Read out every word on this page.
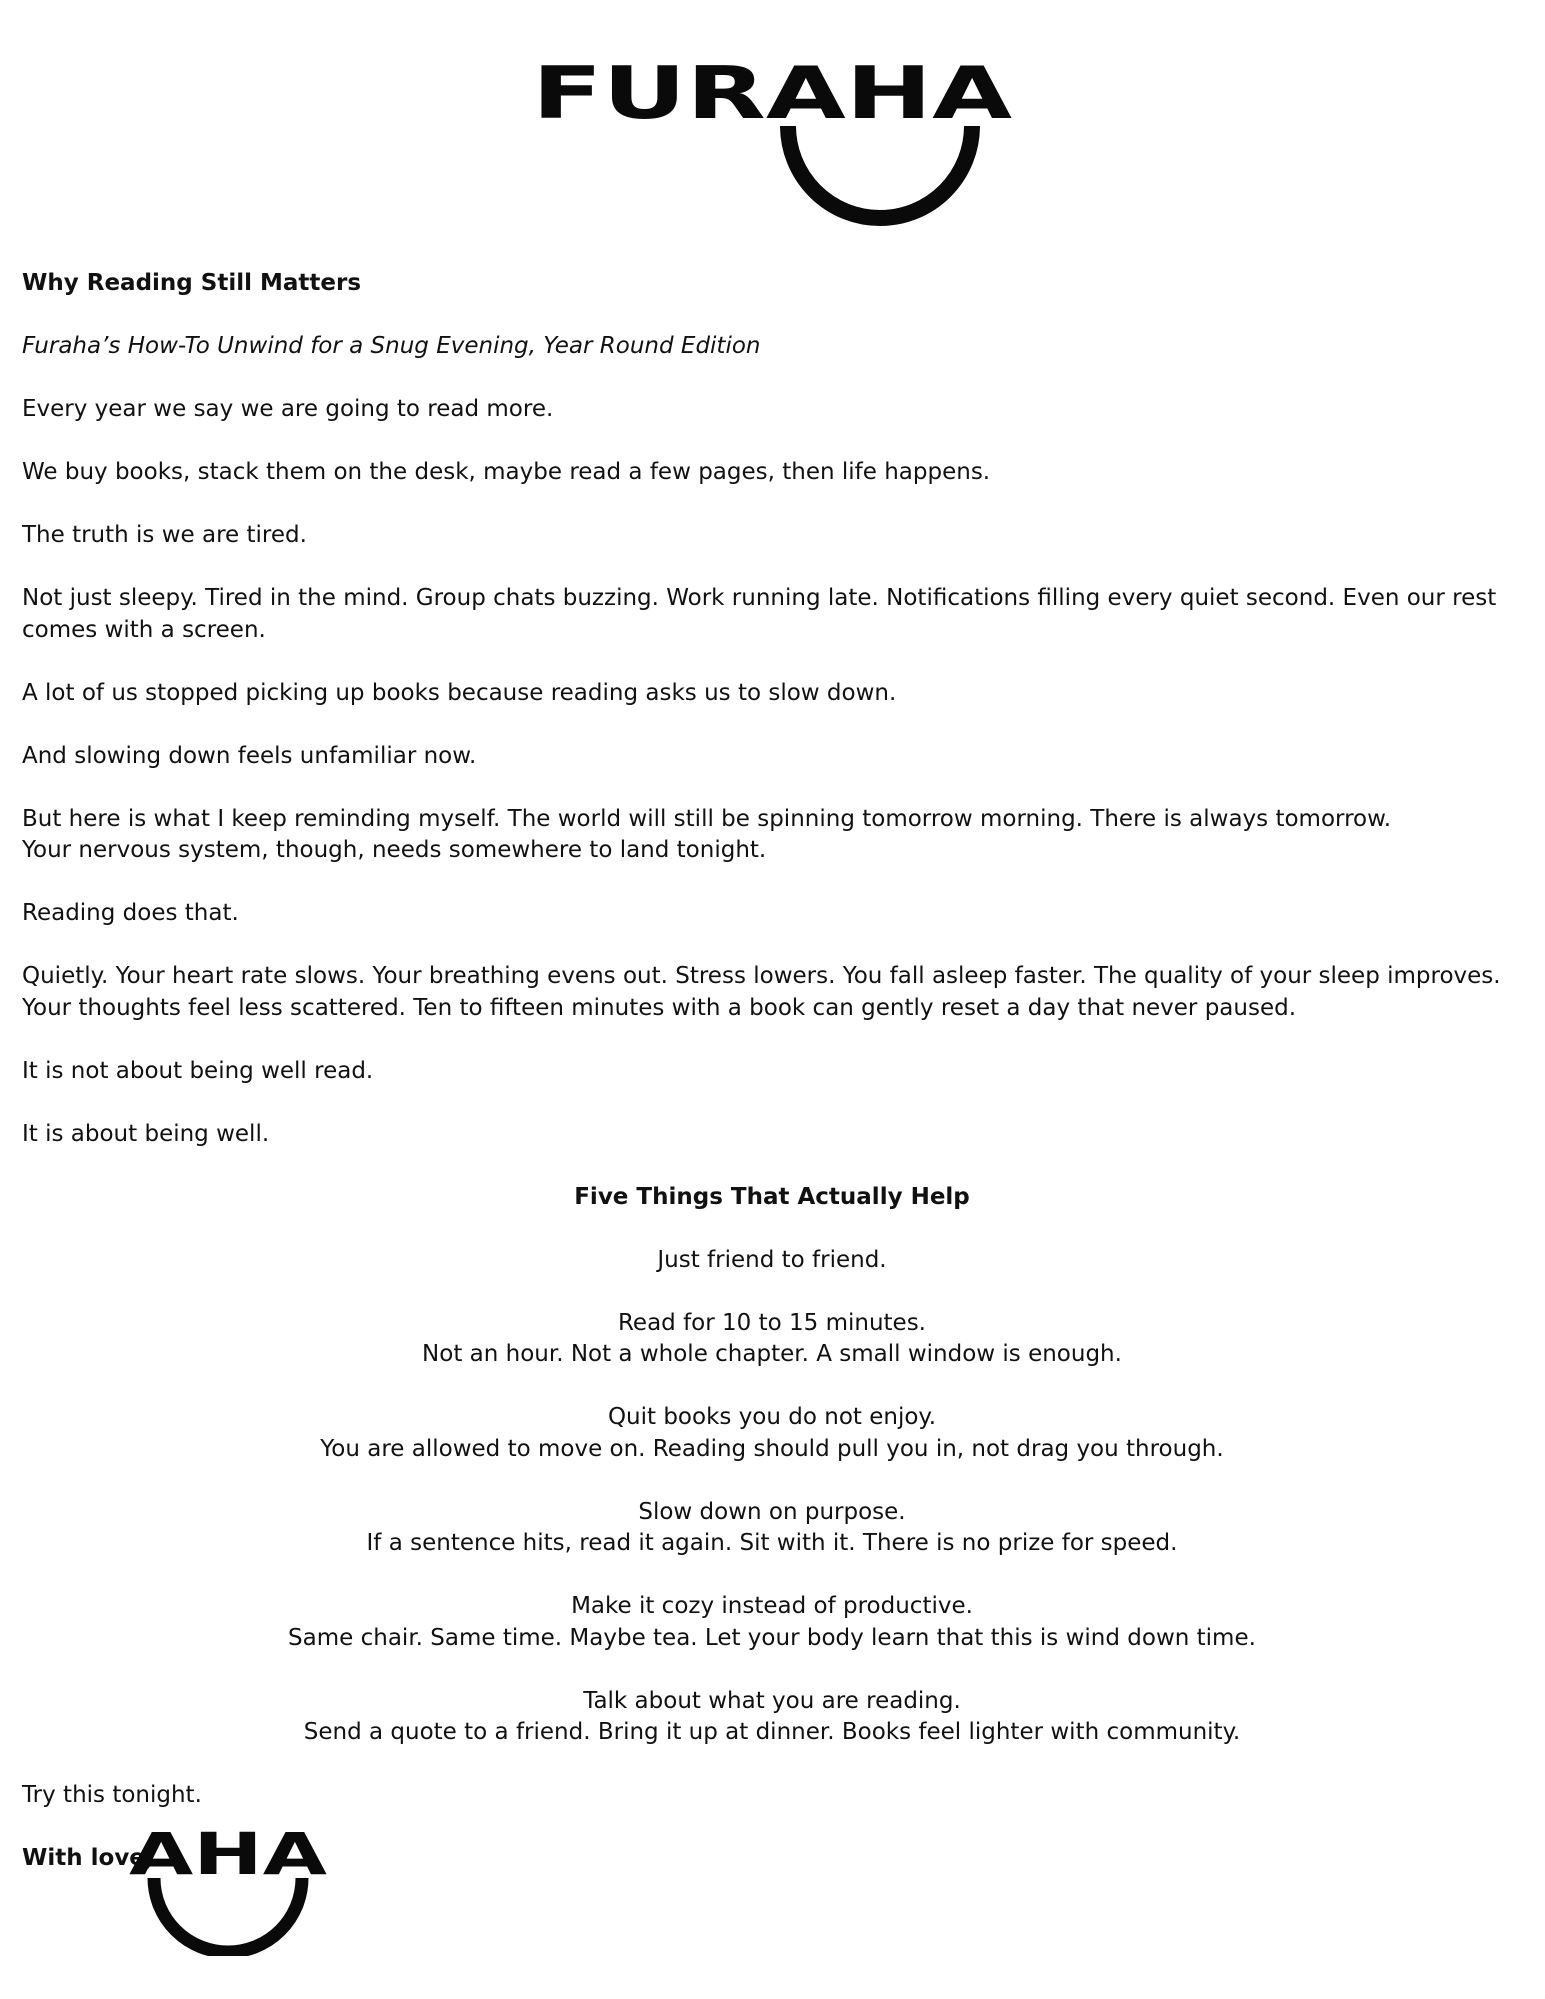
FURAHA

Why Reading Still Matters

Furaha’s How-To Unwind for a Snug Evening, Year Round Edition

Every year we say we are going to read more.

We buy books, stack them on the desk, maybe read a few pages, then life happens.

The truth is we are tired.

Not just sleepy. Tired in the mind. Group chats buzzing. Work running late. Notifications filling every quiet second. Even our rest comes with a screen.

A lot of us stopped picking up books because reading asks us to slow down.

And slowing down feels unfamiliar now.

But here is what I keep reminding myself. The world will still be spinning tomorrow morning. There is always tomorrow.
Your nervous system, though, needs somewhere to land tonight.

Reading does that.

Quietly. Your heart rate slows. Your breathing evens out. Stress lowers. You fall asleep faster. The quality of your sleep improves. Your thoughts feel less scattered. Ten to fifteen minutes with a book can gently reset a day that never paused.

It is not about being well read.

It is about being well.

Five Things That Actually Help

Just friend to friend.

Read for 10 to 15 minutes.
Not an hour. Not a whole chapter. A small window is enough.

Quit books you do not enjoy.
You are allowed to move on. Reading should pull you in, not drag you through.

Slow down on purpose.
If a sentence hits, read it again. Sit with it. There is no prize for speed.

Make it cozy instead of productive.
Same chair. Same time. Maybe tea. Let your body learn that this is wind down time.

Talk about what you are reading.
Send a quote to a friend. Bring it up at dinner. Books feel lighter with community.

Try this tonight.

With love,

AHA
